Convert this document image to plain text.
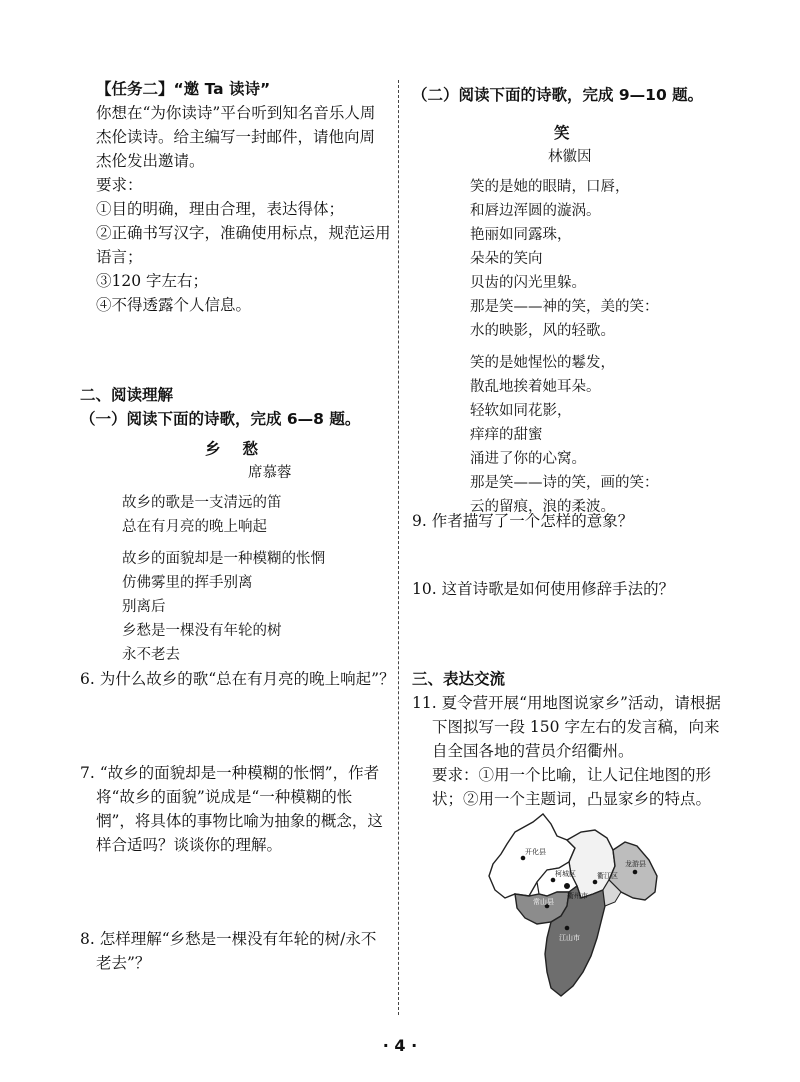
【任务二】“邀 Ta 读诗”
你想在“为你读诗”平台听到知名音乐人周
杰伦读诗。给主编写一封邮件，请他向周
杰伦发出邀请。
要求：
①目的明确，理由合理，表达得体；
②正确书写汉字，准确使用标点，规范运用
语言；
③120 字左右；
④不得透露个人信息。
二、阅读理解
（一）阅读下面的诗歌，完成 6—8 题。
乡愁
席慕蓉
故乡的歌是一支清远的笛
总在有月亮的晚上响起
故乡的面貌却是一种模糊的怅惘
仿佛雾里的挥手别离
别离后
乡愁是一棵没有年轮的树
永不老去
6. 为什么故乡的歌“总在有月亮的晚上响起”？
7. “故乡的面貌却是一种模糊的怅惘”，作者
将“故乡的面貌”说成是“一种模糊的怅
惘”，将具体的事物比喻为抽象的概念，这
样合适吗？谈谈你的理解。
8. 怎样理解“乡愁是一棵没有年轮的树/永不
老去”？
（二）阅读下面的诗歌，完成 9—10 题。
笑
林徽因
笑的是她的眼睛，口唇，
和唇边浑圆的漩涡。
艳丽如同露珠，
朵朵的笑向
贝齿的闪光里躲。
那是笑——神的笑，美的笑：
水的映影，风的轻歌。
笑的是她惺忪的鬈发，
散乱地挨着她耳朵。
轻软如同花影，
痒痒的甜蜜
涌进了你的心窝。
那是笑——诗的笑，画的笑：
云的留痕，浪的柔波。
9. 作者描写了一个怎样的意象？
10. 这首诗歌是如何使用修辞手法的？
三、表达交流
11. 夏令营开展“用地图说家乡”活动，请根据
下图拟写一段 150 字左右的发言稿，向来
自全国各地的营员介绍衢州。
要求：①用一个比喻，让人记住地图的形
状；②用一个主题词，凸显家乡的特点。
开化县
柯城区
衢州市
衢江区
常山县
龙游县
江山市
· 4 ·
